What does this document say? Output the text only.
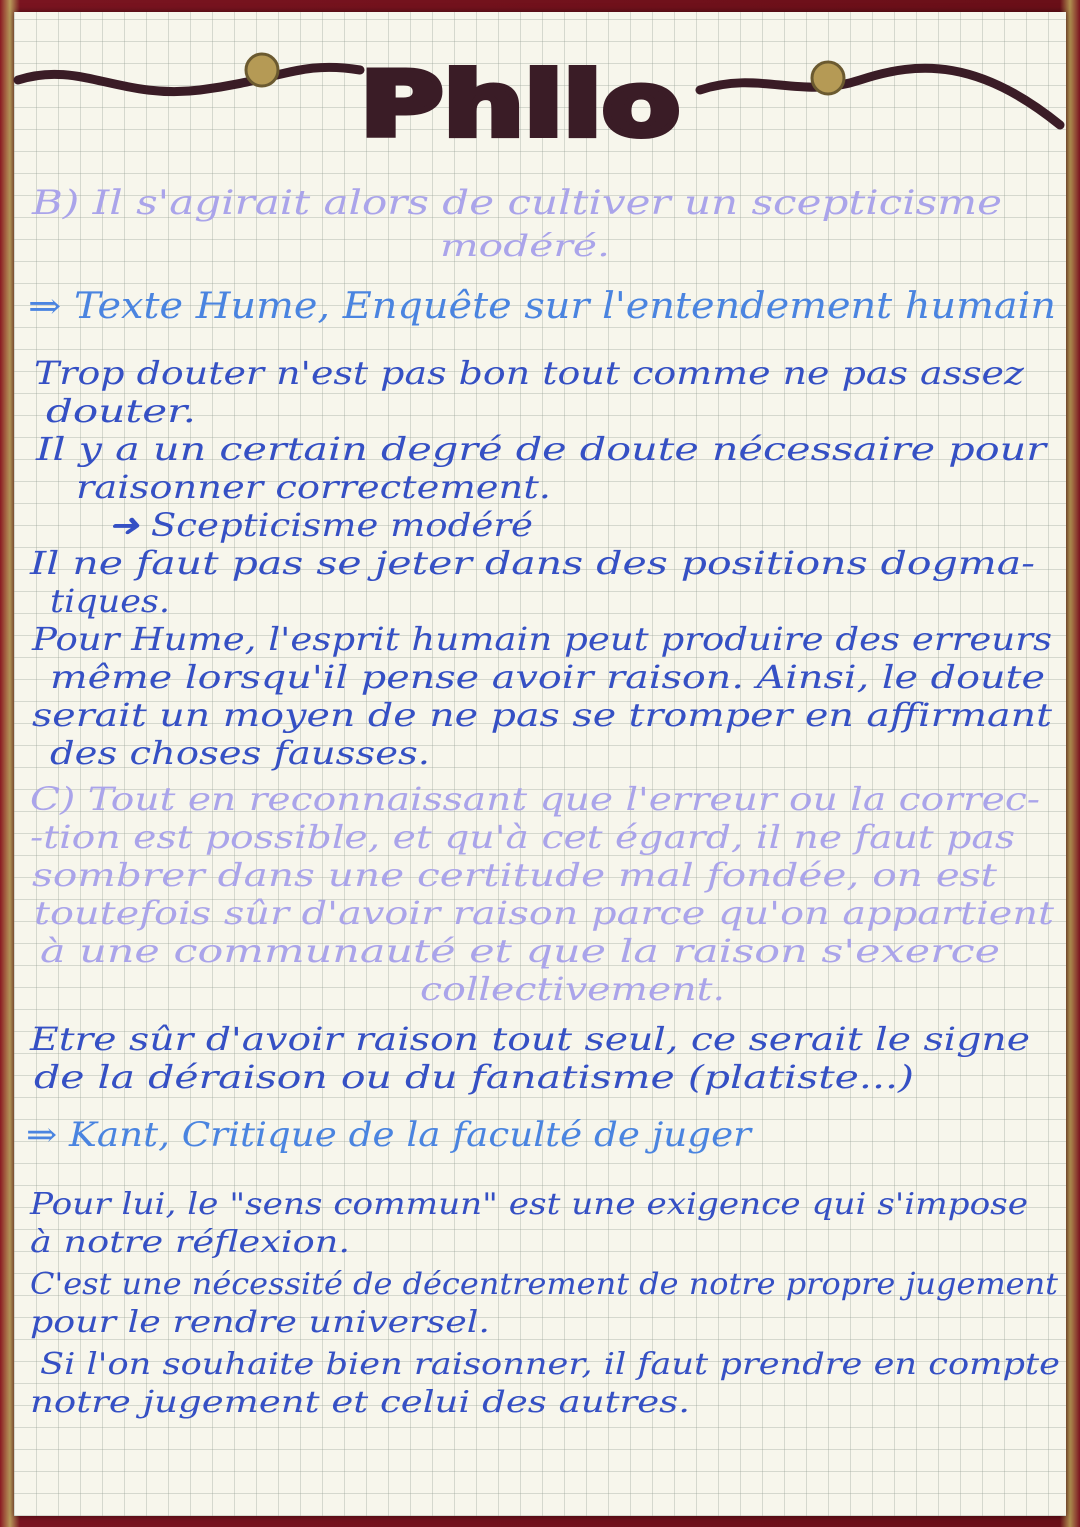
Philo
B) Il s'agirait alors de cultiver un scepticisme
modéré.
⇒ Texte Hume, Enquête sur l'entendement humain
Trop douter n'est pas bon tout comme ne pas assez
douter.
Il y a un certain degré de doute nécessaire pour
raisonner correctement.
➜ Scepticisme modéré
Il ne faut pas se jeter dans des positions dogma-
tiques.
Pour Hume, l'esprit humain peut produire des erreurs
même lorsqu'il pense avoir raison. Ainsi, le doute
serait un moyen de ne pas se tromper en affirmant
des choses fausses.
C) Tout en reconnaissant que l'erreur ou la correc-
-tion est possible, et qu'à cet égard, il ne faut pas
sombrer dans une certitude mal fondée, on est
toutefois sûr d'avoir raison parce qu'on appartient
à une communauté et que la raison s'exerce
collectivement.
Etre sûr d'avoir raison tout seul, ce serait le signe
de la déraison ou du fanatisme (platiste...)
⇒ Kant, Critique de la faculté de juger
Pour lui, le "sens commun" est une exigence qui s'impose
à notre réflexion.
C'est une nécessité de décentrement de notre propre jugement
pour le rendre universel.
Si l'on souhaite bien raisonner, il faut prendre en compte
notre jugement et celui des autres.
